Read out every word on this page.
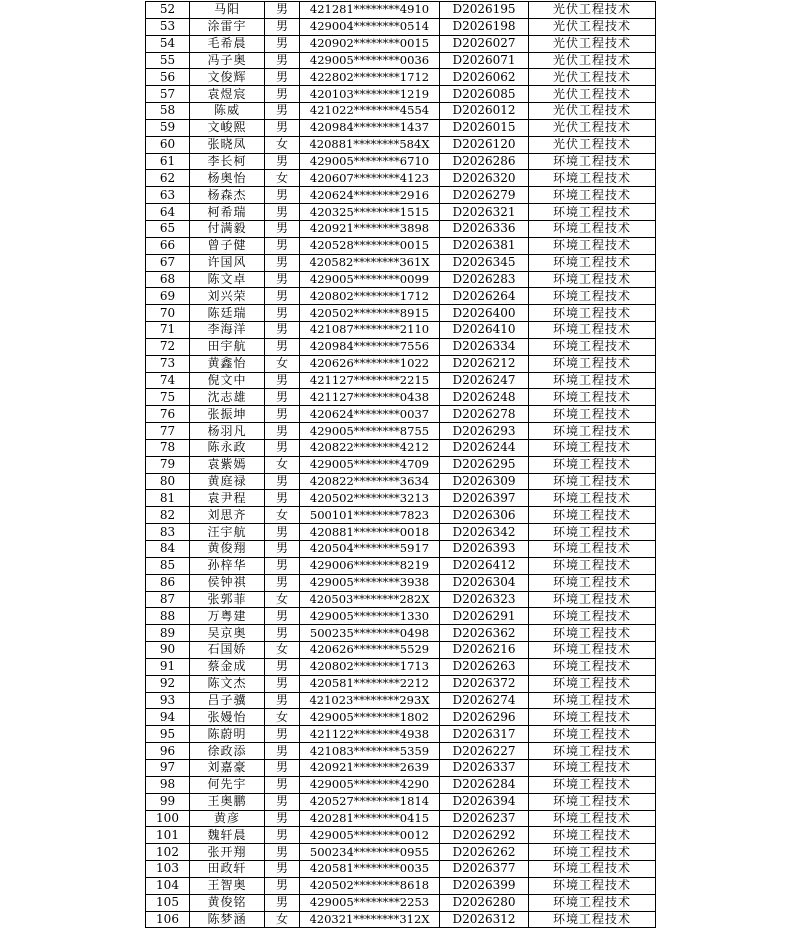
52	马阳	男	421281********4910	D2026195	光伏工程技术
53	涂雷宇	男	429004********0514	D2026198	光伏工程技术
54	毛希晨	男	420902********0015	D2026027	光伏工程技术
55	冯子奥	男	429005********0036	D2026071	光伏工程技术
56	文俊辉	男	422802********1712	D2026062	光伏工程技术
57	袁煜宸	男	420103********1219	D2026085	光伏工程技术
58	陈威	男	421022********4554	D2026012	光伏工程技术
59	文峻熙	男	420984********1437	D2026015	光伏工程技术
60	张晓凤	女	420881********584X	D2026120	光伏工程技术
61	李长柯	男	429005********6710	D2026286	环境工程技术
62	杨奥怡	女	420607********4123	D2026320	环境工程技术
63	杨森杰	男	420624********2916	D2026279	环境工程技术
64	柯希瑞	男	420325********1515	D2026321	环境工程技术
65	付满毅	男	420921********3898	D2026336	环境工程技术
66	曾子健	男	420528********0015	D2026381	环境工程技术
67	许国风	男	420582********361X	D2026345	环境工程技术
68	陈文卓	男	429005********0099	D2026283	环境工程技术
69	刘兴荣	男	420802********1712	D2026264	环境工程技术
70	陈廷瑞	男	420502********8915	D2026400	环境工程技术
71	李海洋	男	421087********2110	D2026410	环境工程技术
72	田宇航	男	420984********7556	D2026334	环境工程技术
73	黄鑫怡	女	420626********1022	D2026212	环境工程技术
74	倪文中	男	421127********2215	D2026247	环境工程技术
75	沈志雄	男	421127********0438	D2026248	环境工程技术
76	张振坤	男	420624********0037	D2026278	环境工程技术
77	杨羽凡	男	429005********8755	D2026293	环境工程技术
78	陈永政	男	420822********4212	D2026244	环境工程技术
79	袁紫嫣	女	429005********4709	D2026295	环境工程技术
80	黄庭禄	男	420822********3634	D2026309	环境工程技术
81	袁尹程	男	420502********3213	D2026397	环境工程技术
82	刘思齐	女	500101********7823	D2026306	环境工程技术
83	汪宇航	男	420881********0018	D2026342	环境工程技术
84	黄俊翔	男	420504********5917	D2026393	环境工程技术
85	孙梓华	男	429006********8219	D2026412	环境工程技术
86	侯钟祺	男	429005********3938	D2026304	环境工程技术
87	张郭菲	女	420503********282X	D2026323	环境工程技术
88	万粤建	男	429005********1330	D2026291	环境工程技术
89	吴京奥	男	500235********0498	D2026362	环境工程技术
90	石国娇	女	420626********5529	D2026216	环境工程技术
91	蔡金成	男	420802********1713	D2026263	环境工程技术
92	陈文杰	男	420581********2212	D2026372	环境工程技术
93	吕子骥	男	421023********293X	D2026274	环境工程技术
94	张嫚怡	女	429005********1802	D2026296	环境工程技术
95	陈蔚明	男	421122********4938	D2026317	环境工程技术
96	徐政添	男	421083********5359	D2026227	环境工程技术
97	刘嘉豪	男	420921********2639	D2026337	环境工程技术
98	何先宇	男	429005********4290	D2026284	环境工程技术
99	王奥鹏	男	420527********1814	D2026394	环境工程技术
100	黄彦	男	420281********0415	D2026237	环境工程技术
101	魏轩晨	男	429005********0012	D2026292	环境工程技术
102	张开翔	男	500234********0955	D2026262	环境工程技术
103	田政轩	男	420581********0035	D2026377	环境工程技术
104	王智奥	男	420502********8618	D2026399	环境工程技术
105	黄俊铭	男	429005********2253	D2026280	环境工程技术
106	陈梦涵	女	420321********312X	D2026312	环境工程技术
